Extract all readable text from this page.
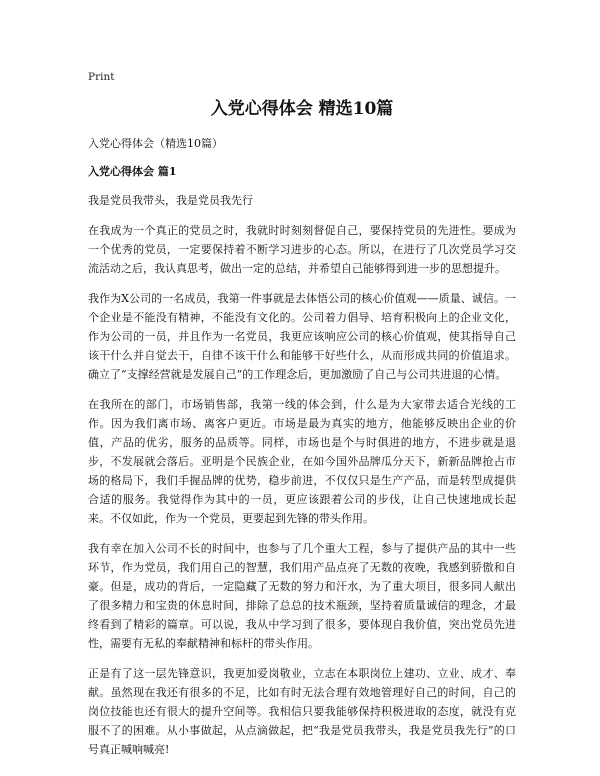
Print
入党心得体会 精选10篇
入党心得体会（精选10篇）
入党心得体会 篇1

我是党员我带头，我是党员我先行

在我成为一个真正的党员之时，我就时时刻刻督促自己，要保持党员的先进性。要成为一个优秀的党员，一定要保持着不断学习进步的心态。所以，在进行了几次党员学习交流活动之后，我认真思考，做出一定的总结，并希望自己能够得到进一步的思想提升。

我作为X公司的一名成员，我第一件事就是去体悟公司的核心价值观——质量、诚信。一个企业是不能没有精神，不能没有文化的。公司着力倡导、培育积极向上的企业文化，作为公司的一员，并且作为一名党员，我更应该响应公司的核心价值观，使其指导自己该干什么并自觉去干，自律不该干什么和能够干好些什么，从而形成共同的价值追求。确立了“支撑经营就是发展自己”的工作理念后，更加激励了自己与公司共进退的心情。

在我所在的部门，市场销售部，我第一线的体会到，什么是为大家带去适合光线的工作。因为我们离市场、离客户更近。市场是最为真实的地方，他能够反映出企业的价值，产品的优劣，服务的品质等。同样，市场也是个与时俱进的地方，不进步就是退步，不发展就会落后。亚明是个民族企业，在如今国外品牌瓜分天下，新新品牌抢占市场的格局下，我们手握品牌的优势，稳步前进，不仅仅只是生产产品，而是转型成提供合适的服务。我觉得作为其中的一员，更应该跟着公司的步伐，让自己快速地成长起来。不仅如此，作为一个党员，更要起到先锋的带头作用。

我有幸在加入公司不长的时间中，也参与了几个重大工程，参与了提供产品的其中一些环节，作为党员，我们用自己的智慧，我们用产品点亮了无数的夜晚，我感到骄傲和自豪。但是，成功的背后，一定隐藏了无数的努力和汗水，为了重大项目，很多同人献出了很多精力和宝贵的休息时间，排除了总总的技术瓶颈，坚持着质量诚信的理念，才最终看到了精彩的篇章。可以说，我从中学习到了很多，要体现自我价值，突出党员先进性，需要有无私的奉献精神和标杆的带头作用。

正是有了这一层先锋意识，我更加爱岗敬业，立志在本职岗位上建功、立业、成才、奉献。虽然现在我还有很多的不足，比如有时无法合理有效地管理好自己的时间，自己的岗位技能也还有很大的提升空间等。我相信只要我能够保持积极进取的态度，就没有克服不了的困难。从小事做起，从点滴做起，把“我是党员我带头，我是党员我先行”的口号真正喊响喊亮!
